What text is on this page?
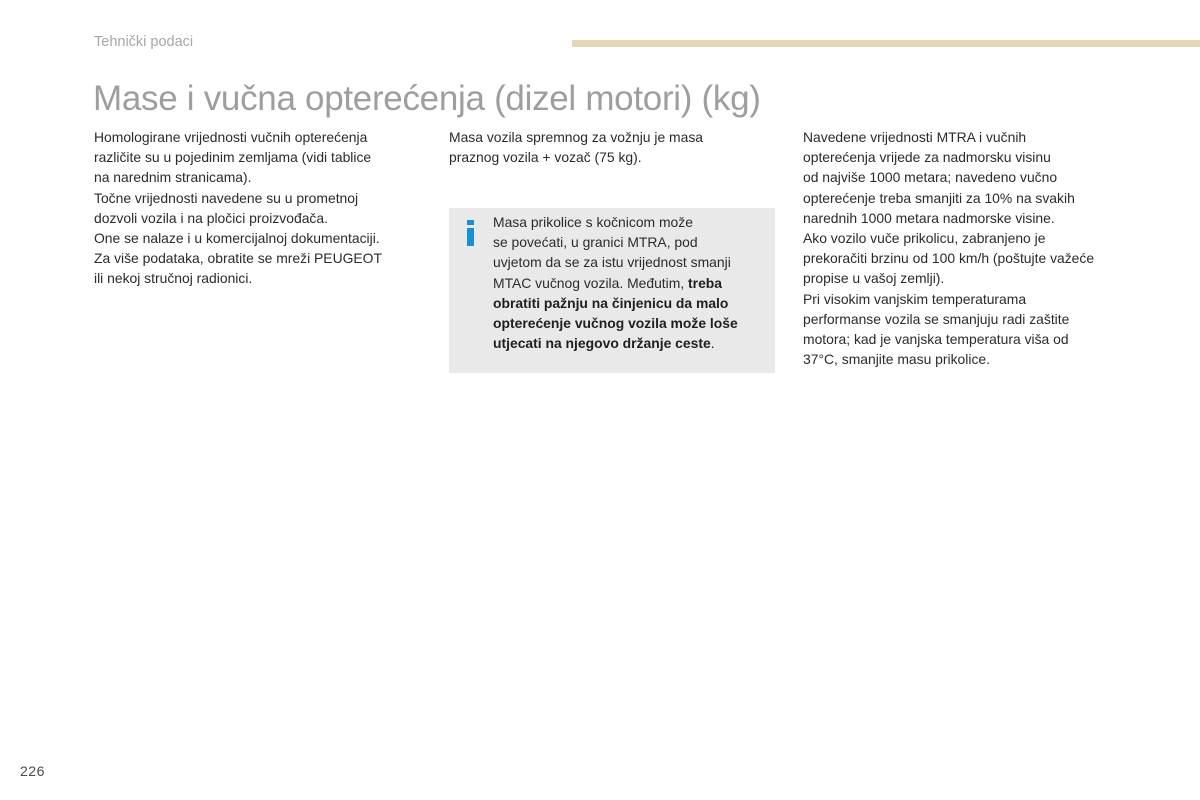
Tehnički podaci
Mase i vučna opterećenja (dizel motori) (kg)

Homologirane vrijednosti vučnih opterećenja

različite su u pojedinim zemljama (vidi tablice

na narednim stranicama).

Točne vrijednosti navedene su u prometnoj

dozvoli vozila i na pločici proizvođača.

One se nalaze i u komercijalnoj dokumentaciji.

Za više podataka, obratite se mreži PEUGEOT

ili nekoj stručnoj radionici.

Masa vozila spremnog za vožnju je masa

praznog vozila + vozač (75 kg).

Masa prikolice s kočnicom može
se povećati, u granici MTRA, pod
uvjetom da se za istu vrijednost smanji
MTAC vučnog vozila. Međutim, treba
obratiti pažnju na činjenicu da malo
opterećenje vučnog vozila može loše
utjecati na njegovo držanje ceste.

Navedene vrijednosti MTRA i vučnih

opterećenja vrijede za nadmorsku visinu

od najviše 1000 metara; navedeno vučno

opterećenje treba smanjiti za 10% na svakih

narednih 1000 metara nadmorske visine.

Ako vozilo vuče prikolicu, zabranjeno je

prekoračiti brzinu od 100 km/h (poštujte važeće

propise u vašoj zemlji).

Pri visokim vanjskim temperaturama

performanse vozila se smanjuju radi zaštite

motora; kad je vanjska temperatura viša od

37°C, smanjite masu prikolice.

226
